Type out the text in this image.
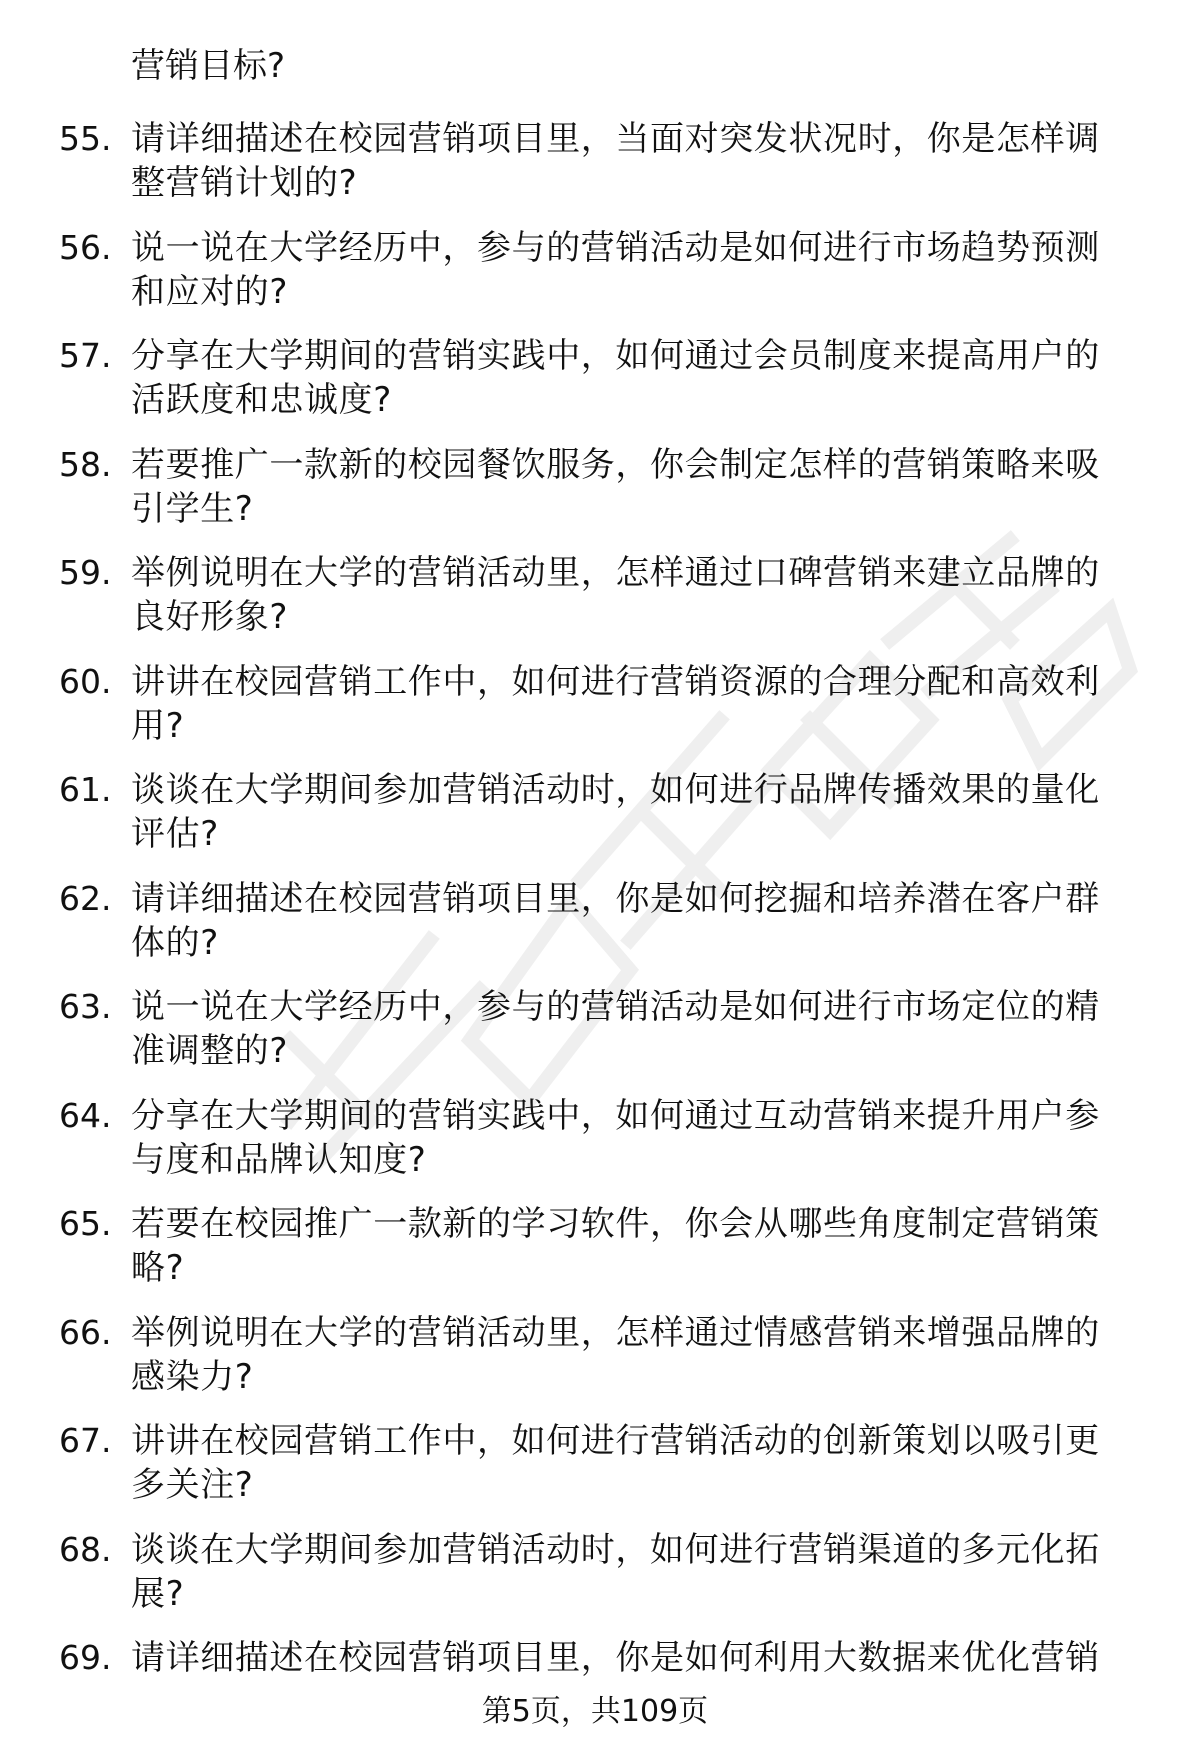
营销目标?
55. 请详细描述在校园营销项目里，当面对突发状况时，你是怎样调
整营销计划的?
56. 说一说在大学经历中，参与的营销活动是如何进行市场趋势预测
和应对的?
57. 分享在大学期间的营销实践中，如何通过会员制度来提高用户的
活跃度和忠诚度?
58. 若要推广一款新的校园餐饮服务，你会制定怎样的营销策略来吸
引学生?
59. 举例说明在大学的营销活动里，怎样通过口碑营销来建立品牌的
良好形象?
60. 讲讲在校园营销工作中，如何进行营销资源的合理分配和高效利
用?
61. 谈谈在大学期间参加营销活动时，如何进行品牌传播效果的量化
评估?
62. 请详细描述在校园营销项目里，你是如何挖掘和培养潜在客户群
体的?
63. 说一说在大学经历中，参与的营销活动是如何进行市场定位的精
准调整的?
64. 分享在大学期间的营销实践中，如何通过互动营销来提升用户参
与度和品牌认知度?
65. 若要在校园推广一款新的学习软件，你会从哪些角度制定营销策
略?
66. 举例说明在大学的营销活动里，怎样通过情感营销来增强品牌的
感染力?
67. 讲讲在校园营销工作中，如何进行营销活动的创新策划以吸引更
多关注?
68. 谈谈在大学期间参加营销活动时，如何进行营销渠道的多元化拓
展?
69. 请详细描述在校园营销项目里，你是如何利用大数据来优化营销
第5页，共109页
